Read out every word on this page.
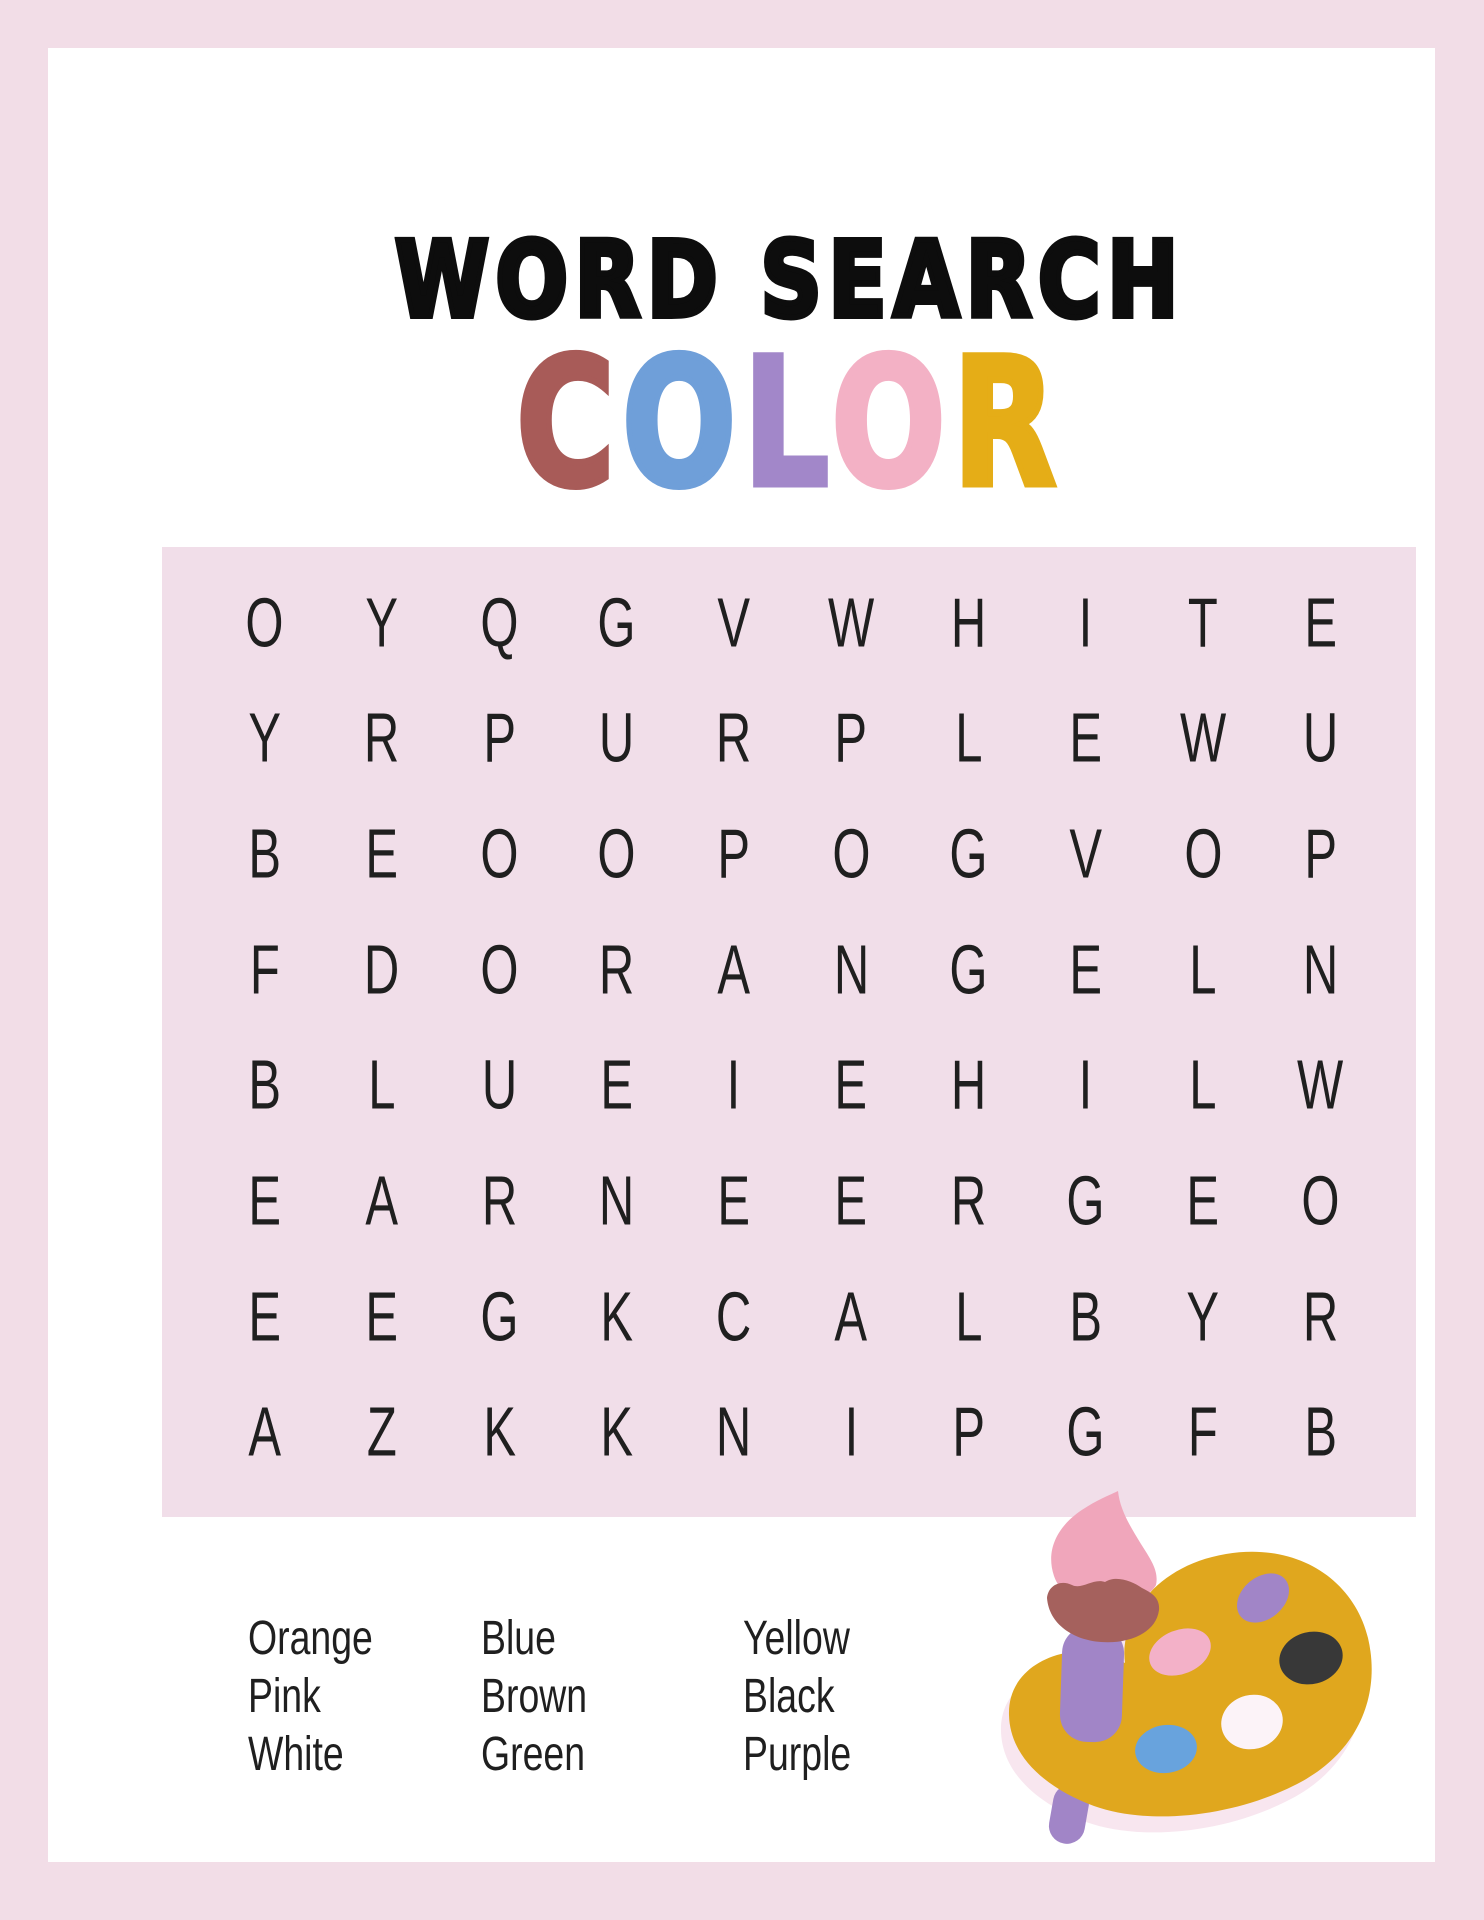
WORD SEARCH
COLOR
O Y Q G V W H I T E
Y R P U R P L E W U
B E O O P O G V O P
F D O R A N G E L N
B L U E I E H I L W
E A R N E E R G E O
E E G K C A L B Y R
A Z K K N I P G F B
Orange
Pink
White
Blue
Brown
Green
Yellow
Black
Purple
